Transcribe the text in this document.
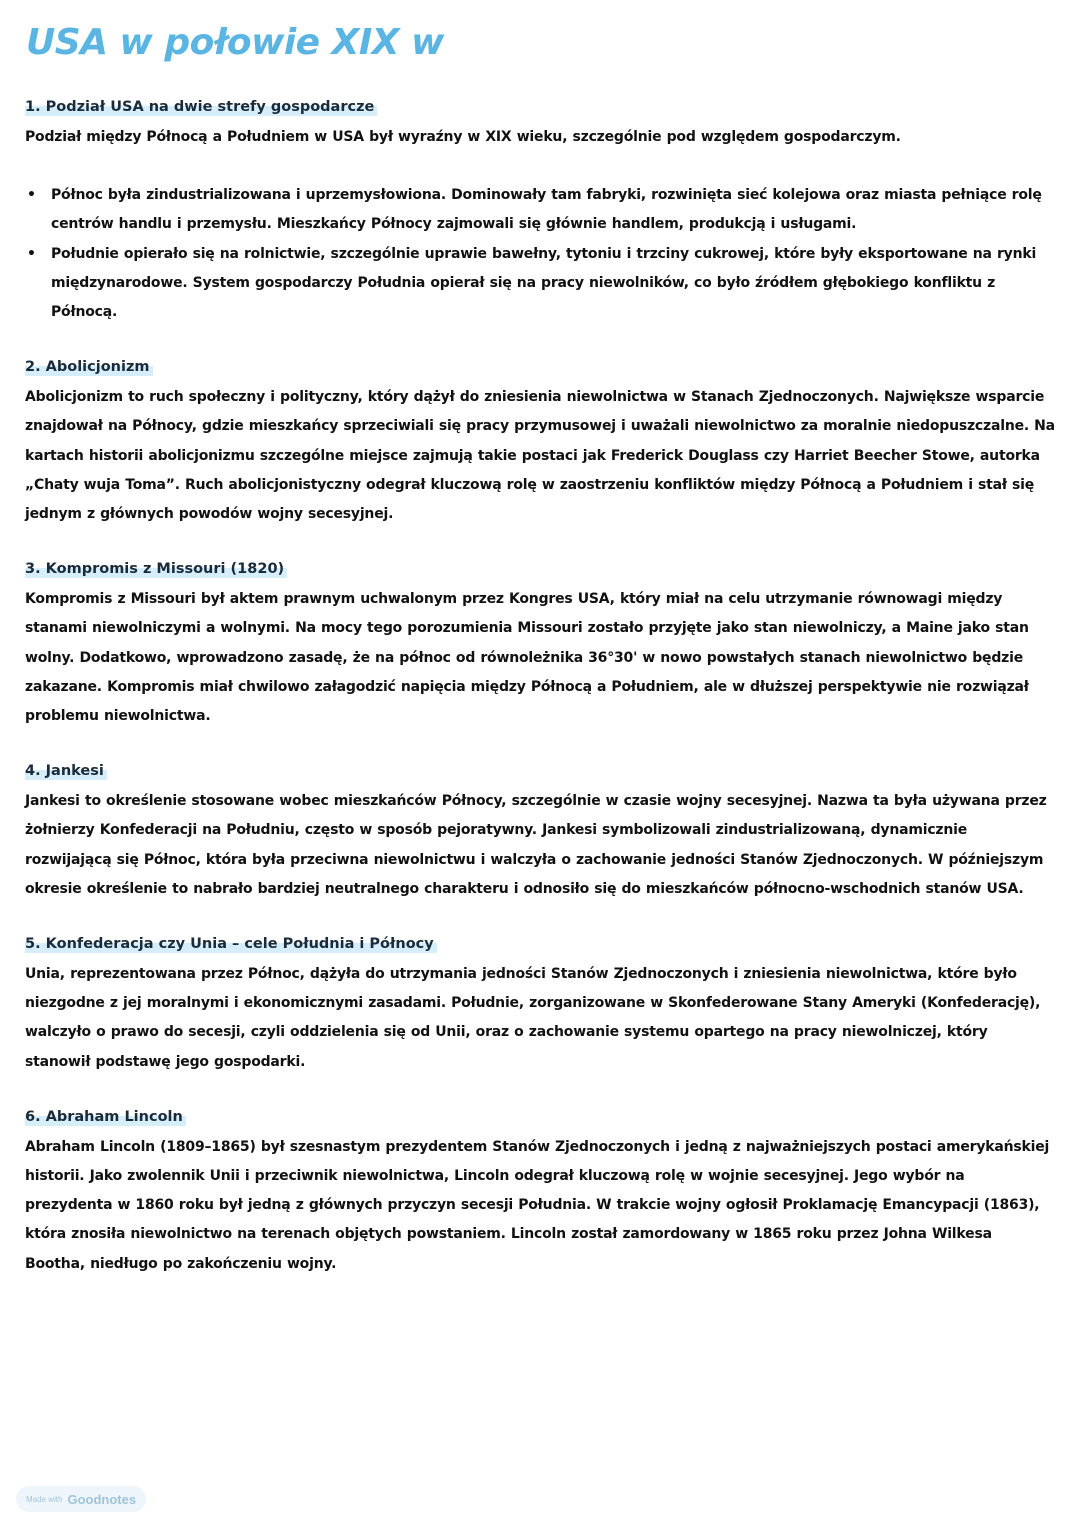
USA w połowie XIX w
1. Podział USA na dwie strefy gospodarcze

Podział między Północą a Południem w USA był wyraźny w XIX wieku, szczególnie pod względem gospodarczym.

• Północ była zindustrializowana i uprzemysłowiona. Dominowały tam fabryki, rozwinięta sieć kolejowa oraz miasta pełniące rolę centrów handlu i przemysłu. Mieszkańcy Północy zajmowali się głównie handlem, produkcją i usługami.
• Południe opierało się na rolnictwie, szczególnie uprawie bawełny, tytoniu i trzciny cukrowej, które były eksportowane na rynki międzynarodowe. System gospodarczy Południa opierał się na pracy niewolników, co było źródłem głębokiego konfliktu z Północą.
2. Abolicjonizm

Abolicjonizm to ruch społeczny i polityczny, który dążył do zniesienia niewolnictwa w Stanach Zjednoczonych. Największe wsparcie znajdował na Północy, gdzie mieszkańcy sprzeciwiali się pracy przymusowej i uważali niewolnictwo za moralnie niedopuszczalne. Na kartach historii abolicjonizmu szczególne miejsce zajmują takie postaci jak Frederick Douglass czy Harriet Beecher Stowe, autorka „Chaty wuja Toma”. Ruch abolicjonistyczny odegrał kluczową rolę w zaostrzeniu konfliktów między Północą a Południem i stał się jednym z głównych powodów wojny secesyjnej.

3. Kompromis z Missouri (1820)

Kompromis z Missouri był aktem prawnym uchwalonym przez Kongres USA, który miał na celu utrzymanie równowagi między stanami niewolniczymi a wolnymi. Na mocy tego porozumienia Missouri zostało przyjęte jako stan niewolniczy, a Maine jako stan wolny. Dodatkowo, wprowadzono zasadę, że na północ od równoleżnika 36°30' w nowo powstałych stanach niewolnictwo będzie zakazane. Kompromis miał chwilowo załagodzić napięcia między Północą a Południem, ale w dłuższej perspektywie nie rozwiązał problemu niewolnictwa.

4. Jankesi

Jankesi to określenie stosowane wobec mieszkańców Północy, szczególnie w czasie wojny secesyjnej. Nazwa ta była używana przez żołnierzy Konfederacji na Południu, często w sposób pejoratywny. Jankesi symbolizowali zindustrializowaną, dynamicznie rozwijającą się Północ, która była przeciwna niewolnictwu i walczyła o zachowanie jedności Stanów Zjednoczonych. W późniejszym okresie określenie to nabrało bardziej neutralnego charakteru i odnosiło się do mieszkańców północno-wschodnich stanów USA.

5. Konfederacja czy Unia – cele Południa i Północy

Unia, reprezentowana przez Północ, dążyła do utrzymania jedności Stanów Zjednoczonych i zniesienia niewolnictwa, które było niezgodne z jej moralnymi i ekonomicznymi zasadami. Południe, zorganizowane w Skonfederowane Stany Ameryki (Konfederację), walczyło o prawo do secesji, czyli oddzielenia się od Unii, oraz o zachowanie systemu opartego na pracy niewolniczej, który stanowił podstawę jego gospodarki.

6. Abraham Lincoln

Abraham Lincoln (1809–1865) był szesnastym prezydentem Stanów Zjednoczonych i jedną z najważniejszych postaci amerykańskiej historii. Jako zwolennik Unii i przeciwnik niewolnictwa, Lincoln odegrał kluczową rolę w wojnie secesyjnej. Jego wybór na prezydenta w 1860 roku był jedną z głównych przyczyn secesji Południa. W trakcie wojny ogłosił Proklamację Emancypacji (1863), która znosiła niewolnictwo na terenach objętych powstaniem. Lincoln został zamordowany w 1865 roku przez Johna Wilkesa Bootha, niedługo po zakończeniu wojny.

Made with Goodnotes
